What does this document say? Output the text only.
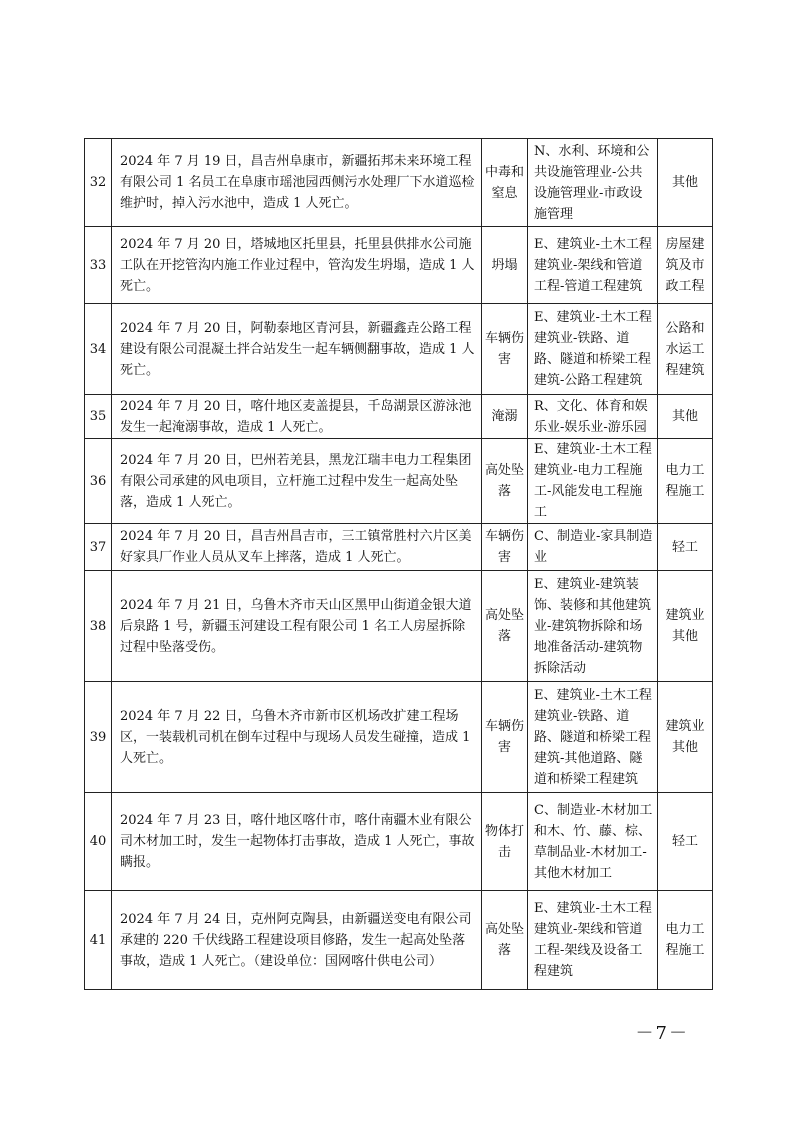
32	2024 年 7 月 19 日，昌吉州阜康市，新疆拓邦未来环境工程有限公司 1 名员工在阜康市瑶池园西侧污水处理厂下水道巡检维护时，掉入污水池中，造成 1 人死亡。	中毒和窒息	N、水利、环境和公共设施管理业-公共设施管理业-市政设施管理	其他
33	2024 年 7 月 20 日，塔城地区托里县，托里县供排水公司施工队在开挖管沟内施工作业过程中，管沟发生坍塌，造成 1 人死亡。	坍塌	E、建筑业-土木工程建筑业-架线和管道工程-管道工程建筑	房屋建筑及市政工程
34	2024 年 7 月 20 日，阿勒泰地区青河县，新疆鑫垚公路工程建设有限公司混凝土拌合站发生一起车辆侧翻事故，造成 1 人死亡。	车辆伤害	E、建筑业-土木工程建筑业-铁路、道路、隧道和桥梁工程建筑-公路工程建筑	公路和水运工程建筑
35	2024 年 7 月 20 日，喀什地区麦盖提县，千岛湖景区游泳池发生一起淹溺事故，造成 1 人死亡。	淹溺	R、文化、体育和娱乐业-娱乐业-游乐园	其他
36	2024 年 7 月 20 日，巴州若羌县，黑龙江瑞丰电力工程集团有限公司承建的风电项目，立杆施工过程中发生一起高处坠落，造成 1 人死亡。	高处坠落	E、建筑业-土木工程建筑业-电力工程施工-风能发电工程施工	电力工程施工
37	2024 年 7 月 20 日，昌吉州昌吉市，三工镇常胜村六片区美好家具厂作业人员从叉车上摔落，造成 1 人死亡。	车辆伤害	C、制造业-家具制造业	轻工
38	2024 年 7 月 21 日，乌鲁木齐市天山区黑甲山街道金银大道后泉路 1 号，新疆玉河建设工程有限公司 1 名工人房屋拆除过程中坠落受伤。	高处坠落	E、建筑业-建筑装饰、装修和其他建筑业-建筑物拆除和场地准备活动-建筑物拆除活动	建筑业其他
39	2024 年 7 月 22 日，乌鲁木齐市新市区机场改扩建工程场区，一装载机司机在倒车过程中与现场人员发生碰撞，造成 1 人死亡。	车辆伤害	E、建筑业-土木工程建筑业-铁路、道路、隧道和桥梁工程建筑-其他道路、隧道和桥梁工程建筑	建筑业其他
40	2024 年 7 月 23 日，喀什地区喀什市，喀什南疆木业有限公司木材加工时，发生一起物体打击事故，造成 1 人死亡，事故瞒报。	物体打击	C、制造业-木材加工和木、竹、藤、棕、草制品业-木材加工-其他木材加工	轻工
41	2024 年 7 月 24 日，克州阿克陶县，由新疆送变电有限公司承建的 220 千伏线路工程建设项目修路，发生一起高处坠落事故，造成 1 人死亡。（建设单位：国网喀什供电公司）	高处坠落	E、建筑业-土木工程建筑业-架线和管道工程-架线及设备工程建筑	电力工程施工
－7－
